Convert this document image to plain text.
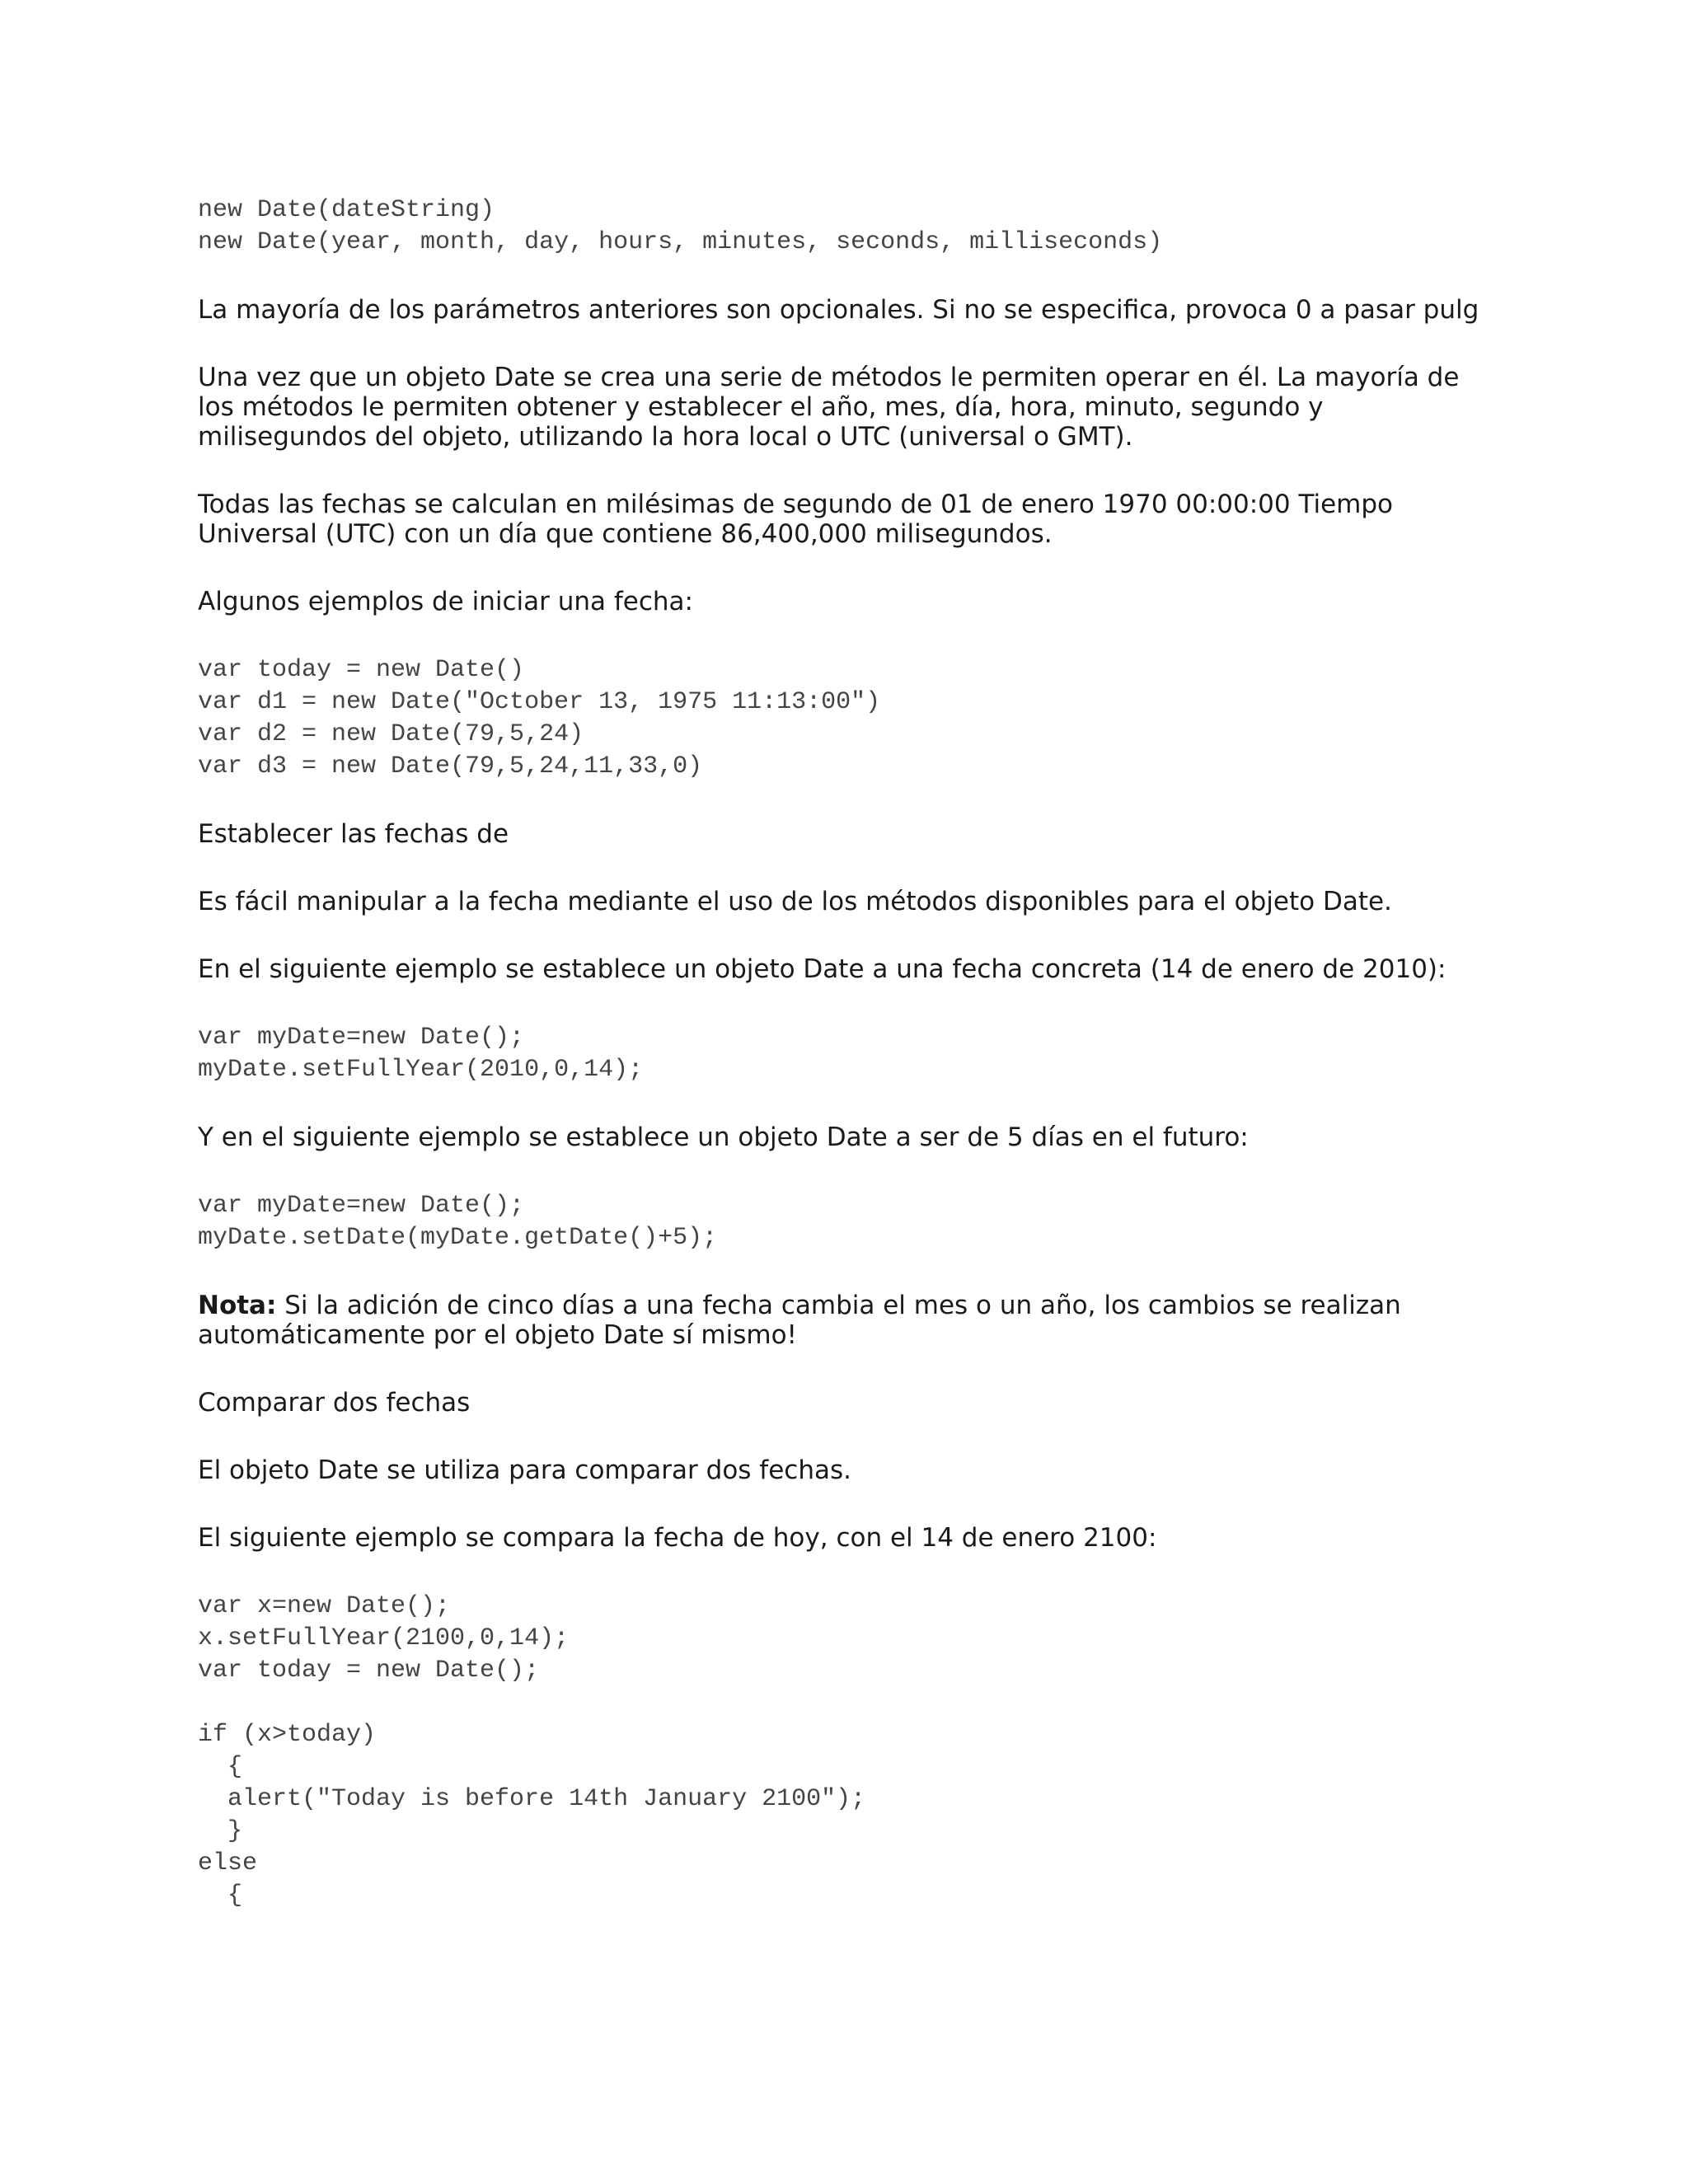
new Date(dateString)
new Date(year, month, day, hours, minutes, seconds, milliseconds)

La mayoría de los parámetros anteriores son opcionales. Si no se especifica, provoca 0 a pasar pulg

Una vez que un objeto Date se crea una serie de métodos le permiten operar en él. La mayoría de los métodos le permiten obtener y establecer el año, mes, día, hora, minuto, segundo y milisegundos del objeto, utilizando la hora local o UTC (universal o GMT).

Todas las fechas se calculan en milésimas de segundo de 01 de enero 1970 00:00:00 Tiempo Universal (UTC) con un día que contiene 86,400,000 milisegundos.

Algunos ejemplos de iniciar una fecha:

var today = new Date()
var d1 = new Date("October 13, 1975 11:13:00")
var d2 = new Date(79,5,24)
var d3 = new Date(79,5,24,11,33,0)

Establecer las fechas de

Es fácil manipular a la fecha mediante el uso de los métodos disponibles para el objeto Date.

En el siguiente ejemplo se establece un objeto Date a una fecha concreta (14 de enero de 2010):

var myDate=new Date();
myDate.setFullYear(2010,0,14);

Y en el siguiente ejemplo se establece un objeto Date a ser de 5 días en el futuro:

var myDate=new Date();
myDate.setDate(myDate.getDate()+5);

Nota: Si la adición de cinco días a una fecha cambia el mes o un año, los cambios se realizan automáticamente por el objeto Date sí mismo!

Comparar dos fechas

El objeto Date se utiliza para comparar dos fechas.

El siguiente ejemplo se compara la fecha de hoy, con el 14 de enero 2100:

var x=new Date();
x.setFullYear(2100,0,14);
var today = new Date();
if (x>today)
{
alert("Today is before 14th January 2100");
}
else
{
